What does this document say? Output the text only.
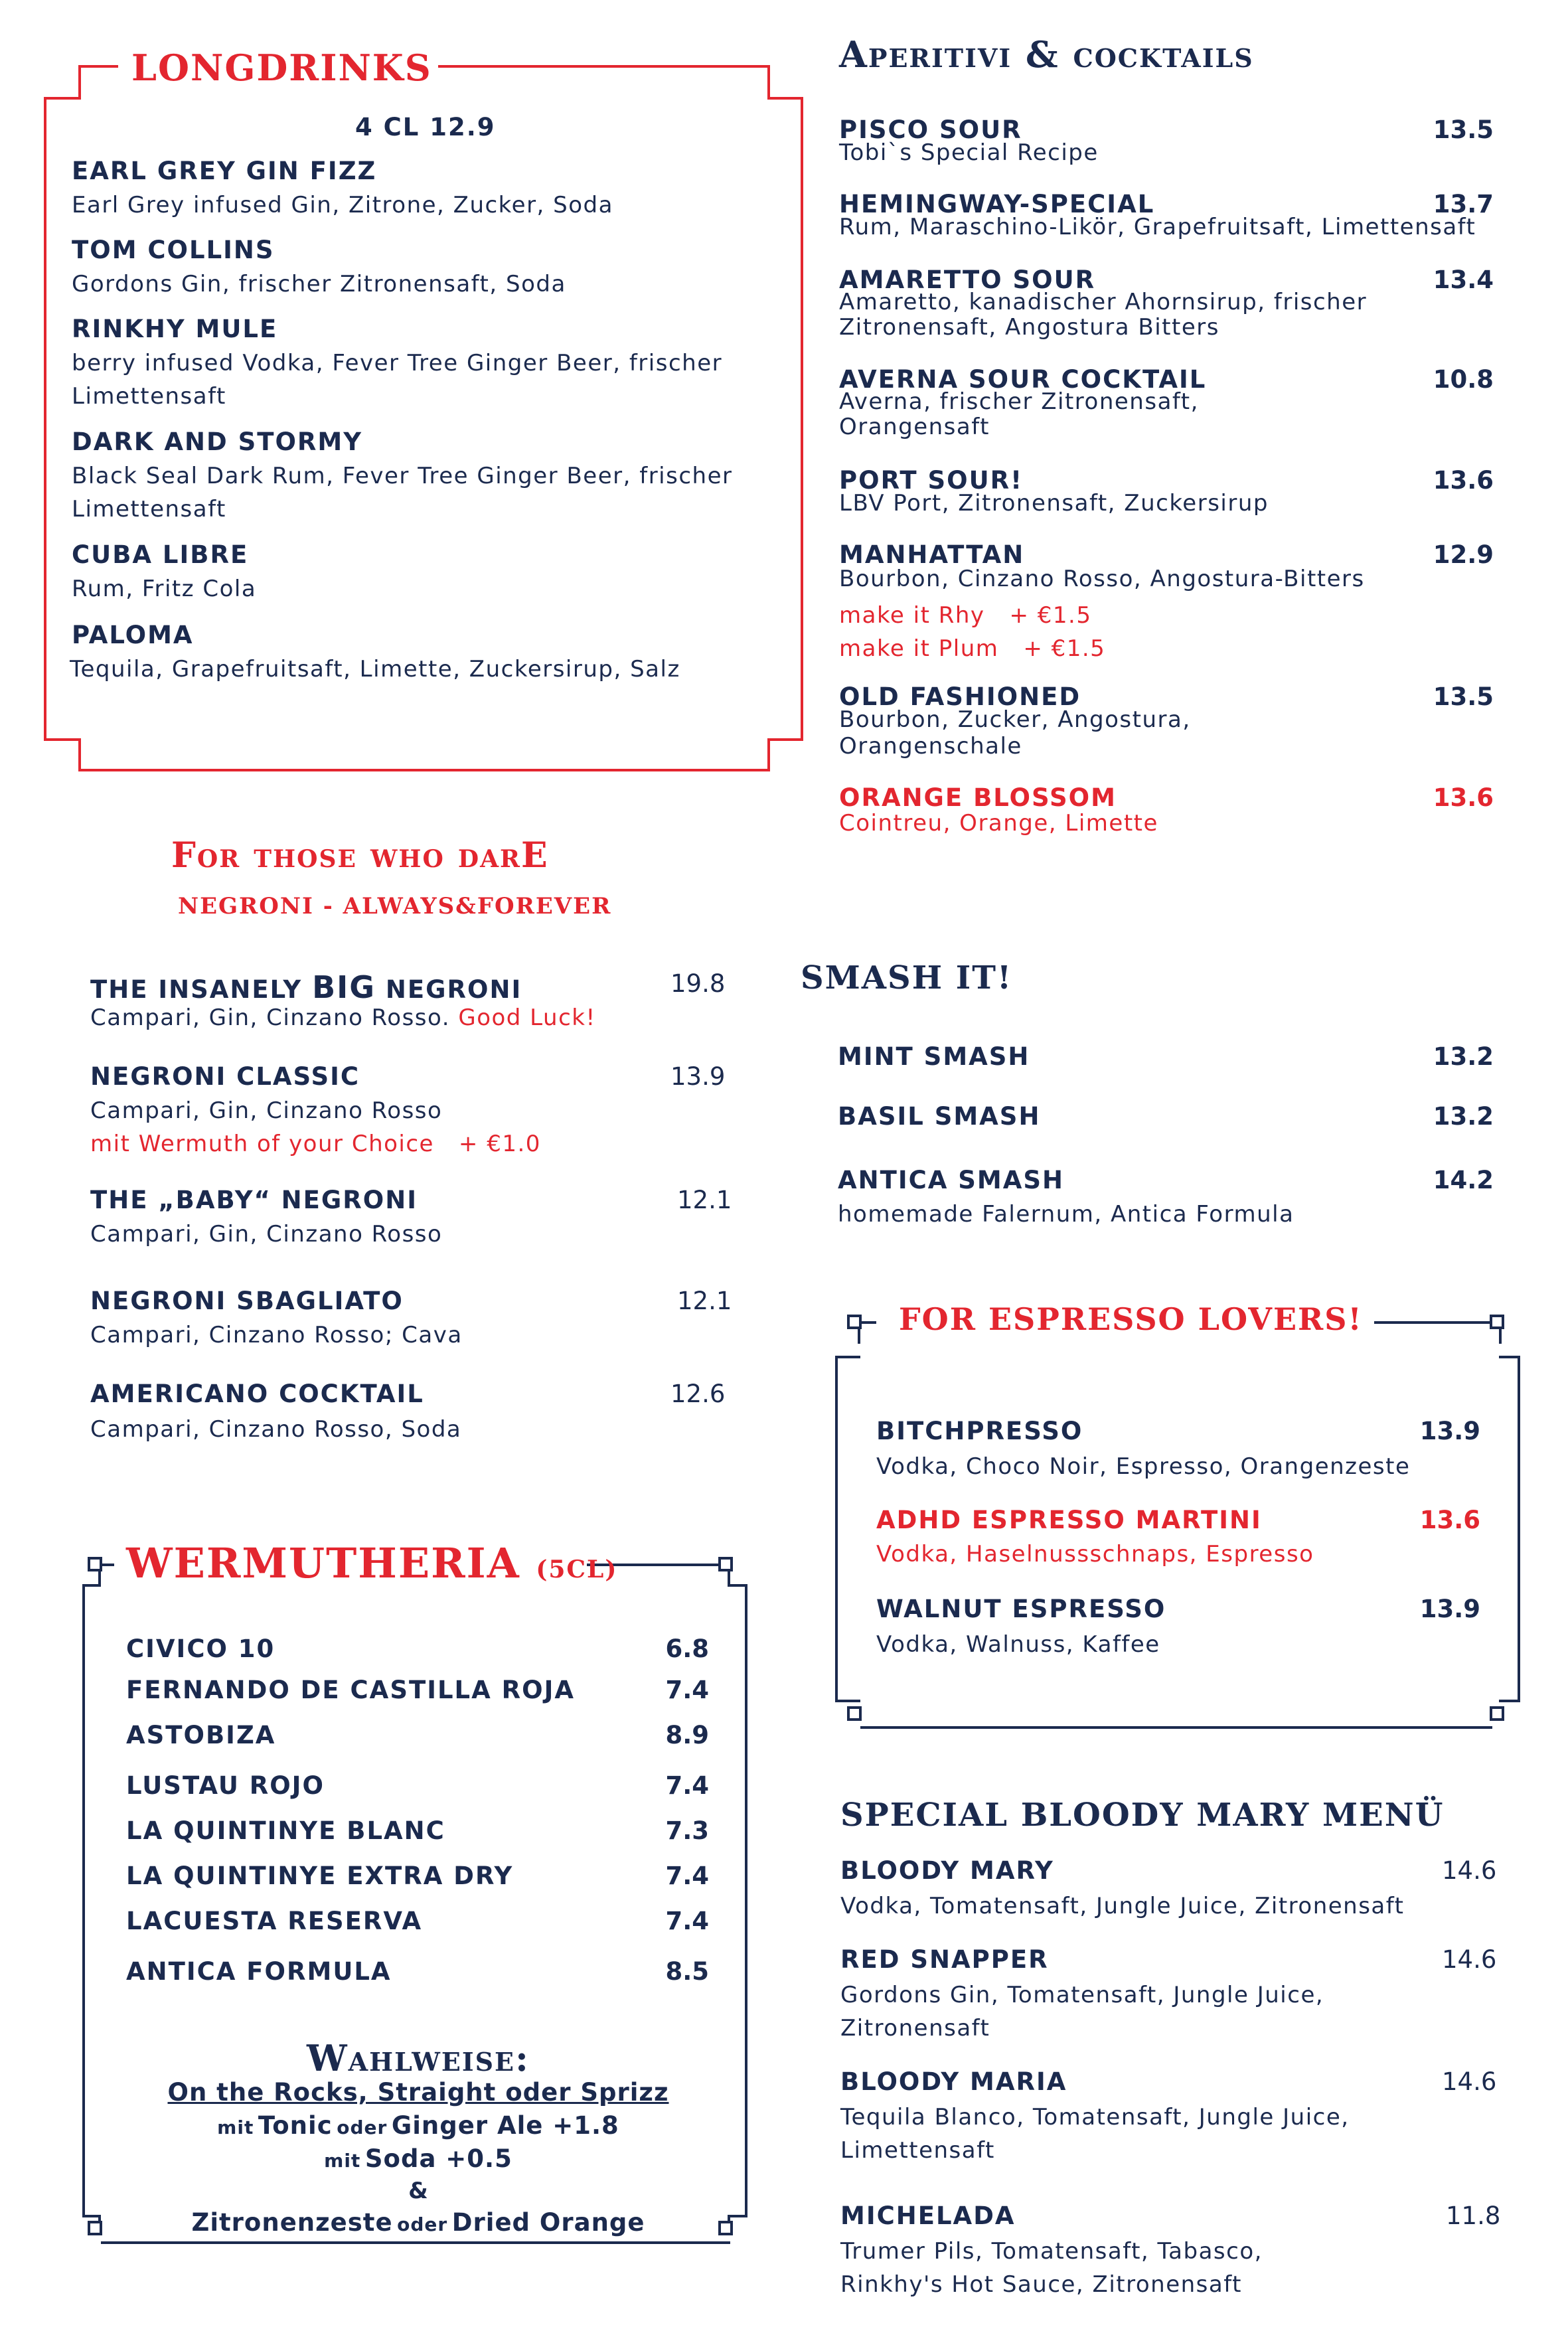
LONGDRINKS
4 CL 12.9
EARL GREY GIN FIZZ
Earl Grey infused Gin, Zitrone, Zucker, Soda
TOM COLLINS
Gordons Gin, frischer Zitronensaft, Soda
RINKHY MULE
berry infused Vodka, Fever Tree Ginger Beer, frischer Limettensaft
DARK AND STORMY
Black Seal Dark Rum, Fever Tree Ginger Beer, frischer Limettensaft
CUBA LIBRE
Rum, Fritz Cola
PALOMA
Tequila, Grapefruitsaft, Limette, Zuckersirup, Salz
For those who darE
NEGRONI - ALWAYS&FOREVER
THE INSANELY BIG NEGRONI	19.8
Campari, Gin, Cinzano Rosso. Good Luck!
NEGRONI CLASSIC	13.9
Campari, Gin, Cinzano Rosso
mit Wermuth of your Choice + €1.0
THE „BABY“ NEGRONI	12.1
Campari, Gin, Cinzano Rosso
NEGRONI SBAGLIATO	12.1
Campari, Cinzano Rosso; Cava
AMERICANO COCKTAIL	12.6
Campari, Cinzano Rosso, Soda
WERMUTHERIA (5CL)
CIVICO 10	6.8
FERNANDO DE CASTILLA ROJA	7.4
ASTOBIZA	8.9
LUSTAU ROJO	7.4
LA QUINTINYE BLANC	7.3
LA QUINTINYE EXTRA DRY	7.4
LACUESTA RESERVA	7.4
ANTICA FORMULA	8.5
Wahlweise:
On the Rocks, Straight oder Sprizz
mit Tonic oder Ginger Ale +1.8
mit Soda +0.5
&
Zitronenzeste oder Dried Orange
Aperitivi & cocktails
PISCO SOUR	13.5
Tobi`s Special Recipe
HEMINGWAY-SPECIAL	13.7
Rum, Maraschino-Likör, Grapefruitsaft, Limettensaft
AMARETTO SOUR	13.4
Amaretto, kanadischer Ahornsirup, frischer Zitronensaft, Angostura Bitters
AVERNA SOUR COCKTAIL	10.8
Averna, frischer Zitronensaft, Orangensaft
PORT SOUR!	13.6
LBV Port, Zitronensaft, Zuckersirup
MANHATTAN	12.9
Bourbon, Cinzano Rosso, Angostura-Bitters
make it Rhy + €1.5
make it Plum + €1.5
OLD FASHIONED	13.5
Bourbon, Zucker, Angostura, Orangenschale
ORANGE BLOSSOM	13.6
Cointreu, Orange, Limette
SMASH IT!
MINT SMASH	13.2
BASIL SMASH	13.2
ANTICA SMASH	14.2
homemade Falernum, Antica Formula
FOR ESPRESSO LOVERS!
BITCHPRESSO	13.9
Vodka, Choco Noir, Espresso, Orangenzeste
ADHD ESPRESSO MARTINI	13.6
Vodka, Haselnussschnaps, Espresso
WALNUT ESPRESSO	13.9
Vodka, Walnuss, Kaffee
SPECIAL BLOODY MARY MENÜ
BLOODY MARY	14.6
Vodka, Tomatensaft, Jungle Juice, Zitronensaft
RED SNAPPER	14.6
Gordons Gin, Tomatensaft, Jungle Juice, Zitronensaft
BLOODY MARIA	14.6
Tequila Blanco, Tomatensaft, Jungle Juice, Limettensaft
MICHELADA	11.8
Trumer Pils, Tomatensaft, Tabasco, Rinkhy's Hot Sauce, Zitronensaft
